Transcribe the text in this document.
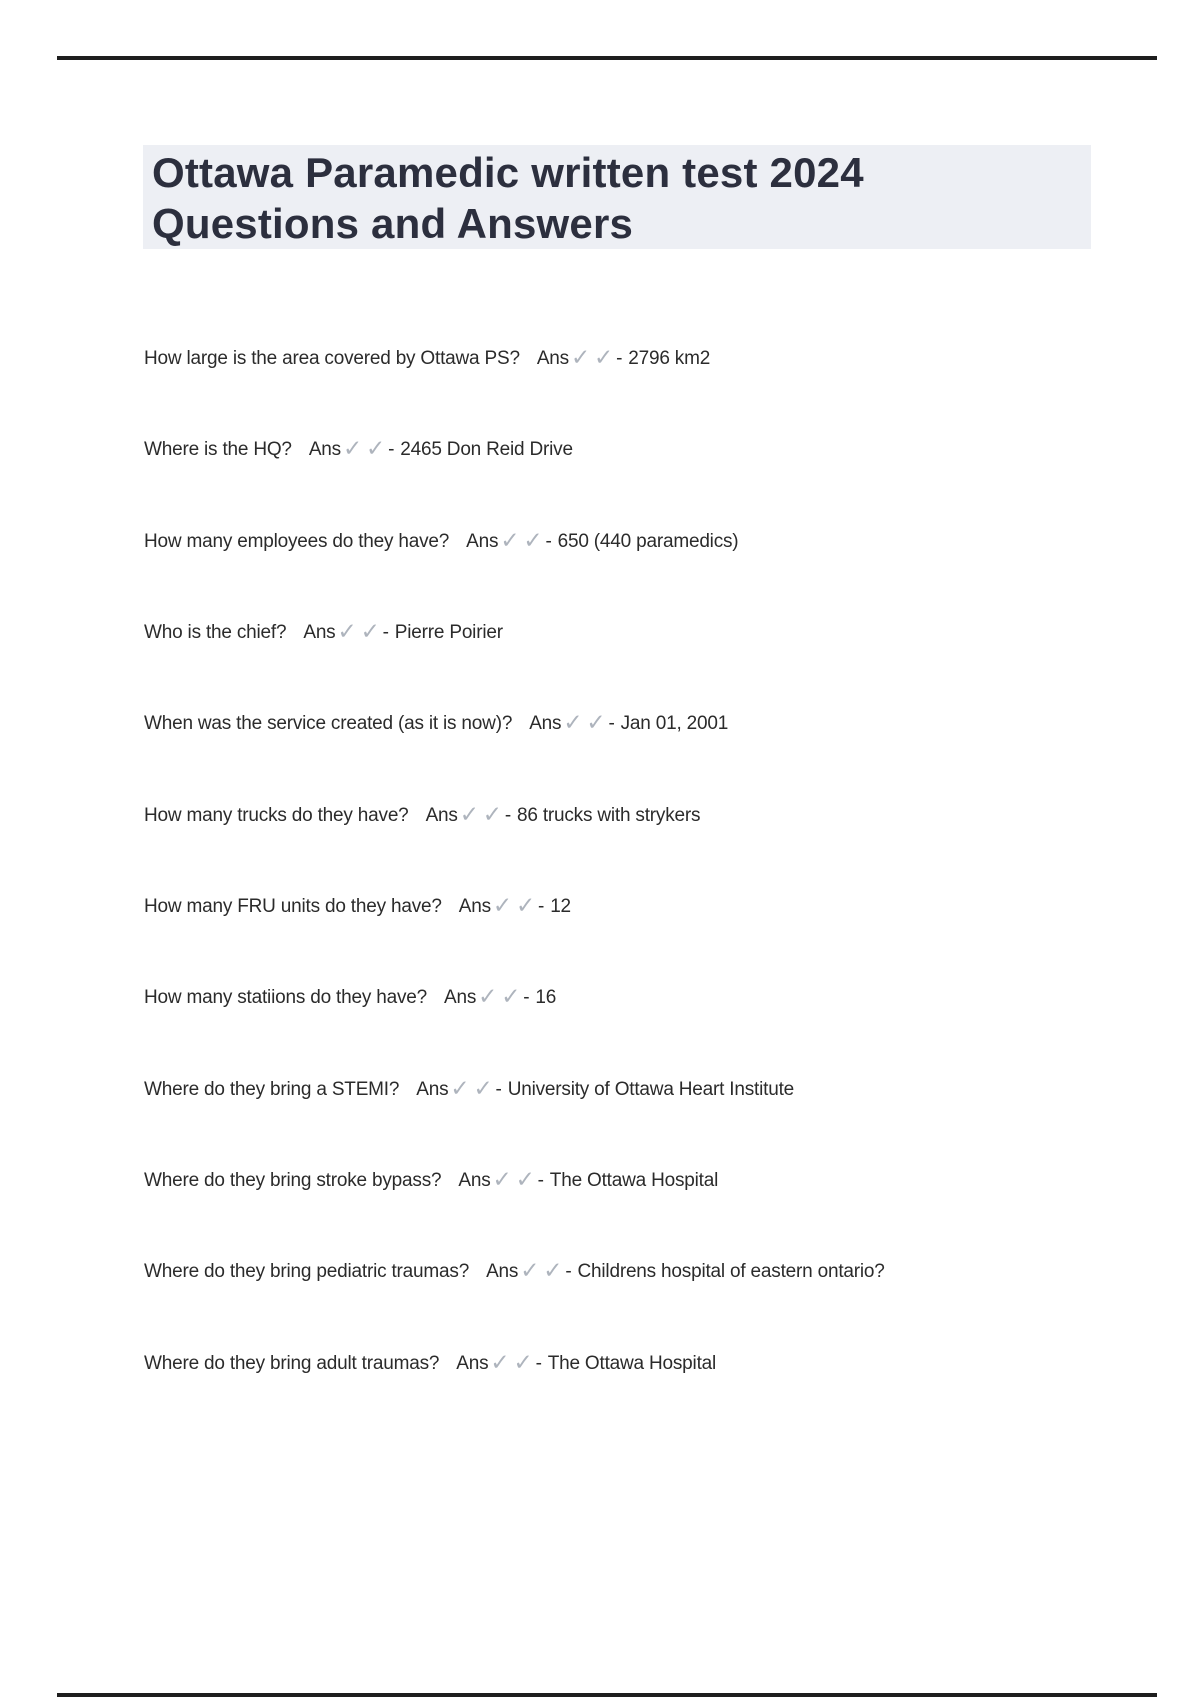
Ottawa Paramedic written test 2024
Questions and Answers
How large is the area covered by Ottawa PS? Ans ✓ ✓ - 2796 km2
Where is the HQ? Ans ✓ ✓ - 2465 Don Reid Drive
How many employees do they have? Ans ✓ ✓ - 650 (440 paramedics)
Who is the chief? Ans ✓ ✓ - Pierre Poirier
When was the service created (as it is now)? Ans ✓ ✓ - Jan 01, 2001
How many trucks do they have? Ans ✓ ✓ - 86 trucks with strykers
How many FRU units do they have? Ans ✓ ✓ - 12
How many statiions do they have? Ans ✓ ✓ - 16
Where do they bring a STEMI? Ans ✓ ✓ - University of Ottawa Heart Institute
Where do they bring stroke bypass? Ans ✓ ✓ - The Ottawa Hospital
Where do they bring pediatric traumas? Ans ✓ ✓ - Childrens hospital of eastern ontario?
Where do they bring adult traumas? Ans ✓ ✓ - The Ottawa Hospital
